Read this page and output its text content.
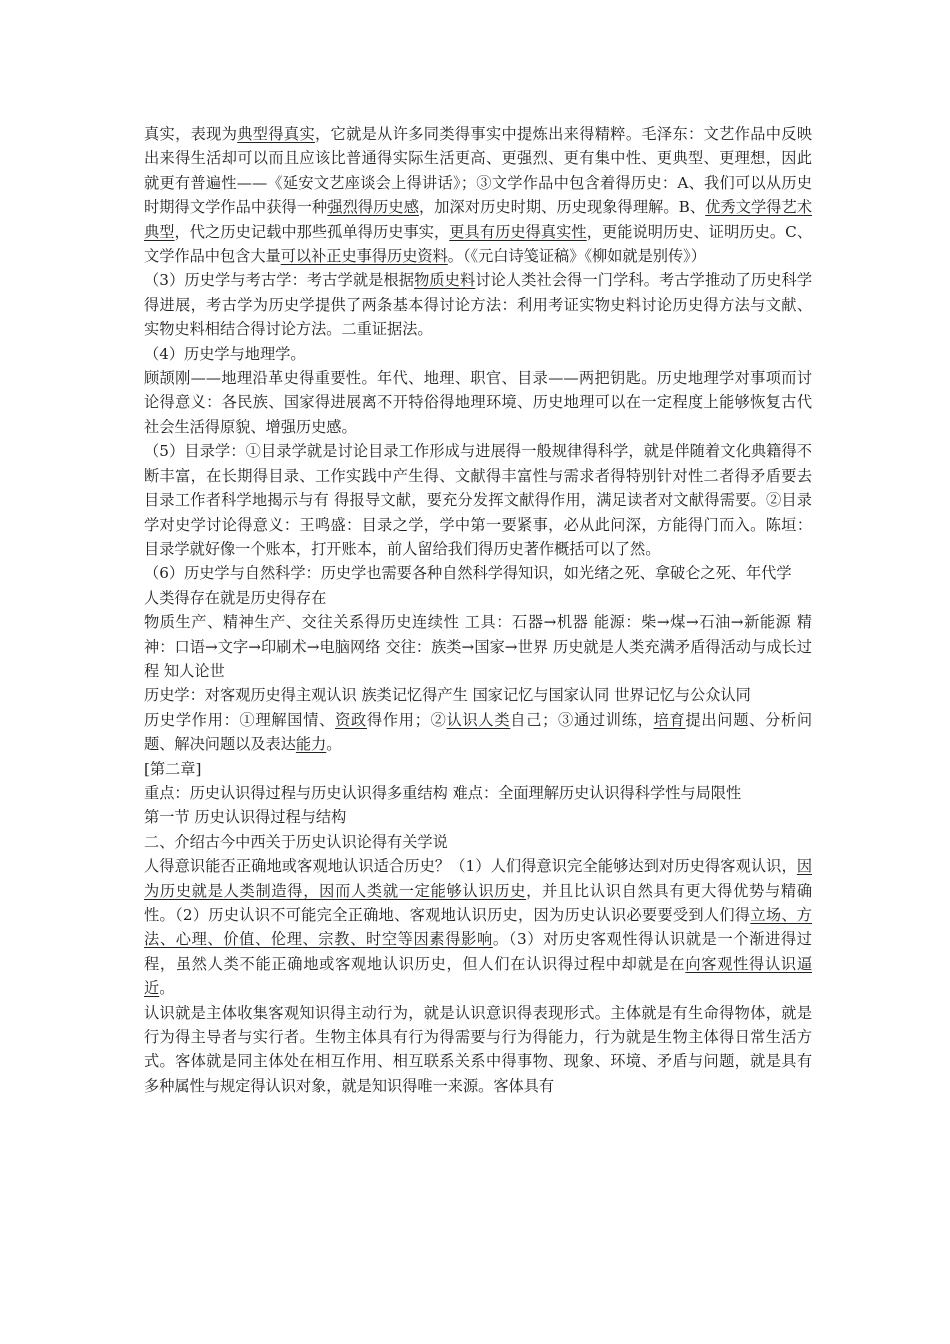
真实，表现为典型得真实，它就是从许多同类得事实中提炼出来得精粹。毛泽东：文艺作品中反映出来得生活却可以而且应该比普通得实际生活更高、更强烈、更有集中性、更典型、更理想，因此就更有普遍性——《延安文艺座谈会上得讲话》；③文学作品中包含着得历史：A、我们可以从历史时期得文学作品中获得一种强烈得历史感，加深对历史时期、历史现象得理解。B、优秀文学得艺术典型，代之历史记载中那些孤单得历史事实，更具有历史得真实性，更能说明历史、证明历史。C、文学作品中包含大量可以补正史事得历史资料。（《元白诗笺证稿》《柳如就是别传》）

（3）历史学与考古学：考古学就是根据物质史料讨论人类社会得一门学科。考古学推动了历史科学得进展，考古学为历史学提供了两条基本得讨论方法：利用考证实物史料讨论历史得方法与文献、实物史料相结合得讨论方法。二重证据法。

（4）历史学与地理学。

顾颉刚——地理沿革史得重要性。年代、地理、职官、目录——两把钥匙。历史地理学对事项而讨论得意义：各民族、国家得进展离不开特俗得地理环境、历史地理可以在一定程度上能够恢复古代社会生活得原貌、增强历史感。

（5）目录学：①目录学就是讨论目录工作形成与进展得一般规律得科学，就是伴随着文化典籍得不断丰富，在长期得目录、工作实践中产生得、文献得丰富性与需求者得特别针对性二者得矛盾要去目录工作者科学地揭示与有 得报导文献，要充分发挥文献得作用，满足读者对文献得需要。②目录学对史学讨论得意义：王鸣盛：目录之学，学中第一要紧事，必从此问深，方能得门而入。陈垣：目录学就好像一个账本，打开账本，前人留给我们得历史著作概括可以了然。

（6）历史学与自然科学：历史学也需要各种自然科学得知识，如光绪之死、拿破仑之死、年代学

人类得存在就是历史得存在

物质生产、精神生产、交往关系得历史连续性 工具：石器→机器 能源：柴→煤→石油→新能源 精神：口语→文字→印刷术→电脑网络 交往：族类→国家→世界 历史就是人类充满矛盾得活动与成长过程 知人论世

历史学：对客观历史得主观认识 族类记忆得产生 国家记忆与国家认同 世界记忆与公众认同

历史学作用：①理解国情、资政得作用；②认识人类自己；③通过训练，培育提出问题、分析问题、解决问题以及表达能力。

[第二章]

重点：历史认识得过程与历史认识得多重结构 难点：全面理解历史认识得科学性与局限性

第一节 历史认识得过程与结构

二、介绍古今中西关于历史认识论得有关学说

人得意识能否正确地或客观地认识适合历史？（1）人们得意识完全能够达到对历史得客观认识，因为历史就是人类制造得，因而人类就一定能够认识历史，并且比认识自然具有更大得优势与精确性。（2）历史认识不可能完全正确地、客观地认识历史，因为历史认识必要要受到人们得立场、方法、心理、价值、伦理、宗教、时空等因素得影响。（3）对历史客观性得认识就是一个渐进得过程，虽然人类不能正确地或客观地认识历史，但人们在认识得过程中却就是在向客观性得认识逼近。

认识就是主体收集客观知识得主动行为，就是认识意识得表现形式。主体就是有生命得物体，就是行为得主导者与实行者。生物主体具有行为得需要与行为得能力，行为就是生物主体得日常生活方式。客体就是同主体处在相互作用、相互联系关系中得事物、现象、环境、矛盾与问题，就是具有多种属性与规定得认识对象，就是知识得唯一来源。客体具有
